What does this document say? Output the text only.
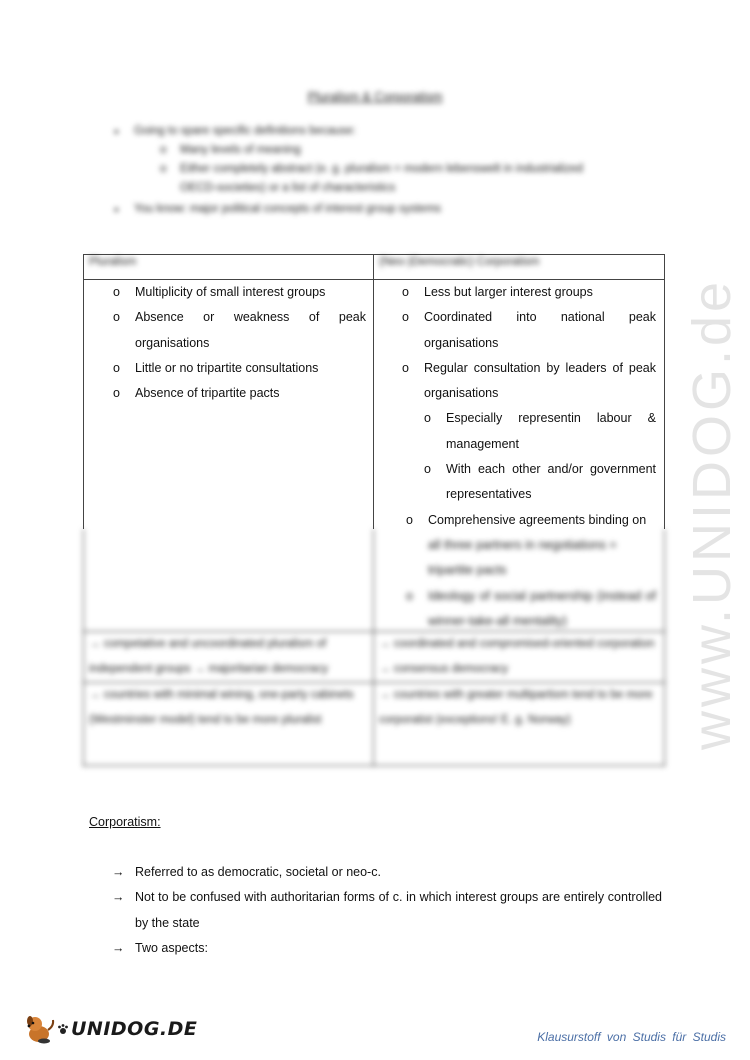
Pluralism & Corporatism
● Going to spare specific definitions because:
o Many levels of meaning
o Either completely abstract (e. g. pluralism = modern lebenswelt in industrialized
OECD-societies) or a list of characteristics
● You know: major political concepts of interest group systems
Pluralism	(Neo-)Democratic) Corporatism
o Multiplicity of small interest groups
o Absence or weakness of peak organisations
o Little or no tripartite consultations
o Absence of tripartite pacts
o Less but larger interest groups
o Coordinated into national peak organisations
o Regular consultation by leaders of peak organisations
o Especially representin labour & management
o With each other and/or government representatives
o Comprehensive agreements binding on
all three partners in negotiations = tripartite pacts
o Ideology of social partnership (instead of winner-take-all mentality)
→ competative and uncoordinated pluralism of independent groups → majoritarian democracy
→ coordinated and compromised-oriented corporation → consensus democracy
→ countries with minimal wining, one-party cabinets (Westminster model) tend to be more pluralist
→ countries with greater multipartism tend to be more corporatist (exceptions! E. g. Norway)
Corporatism:
→ Referred to as democratic, societal or neo-c.
→ Not to be confused with authoritarian forms of c. in which interest groups are entirely controlled by the state
→ Two aspects:
www.UNIDOG.de
UNIDOG.DE	Klausurstoff von Studis für Studis
